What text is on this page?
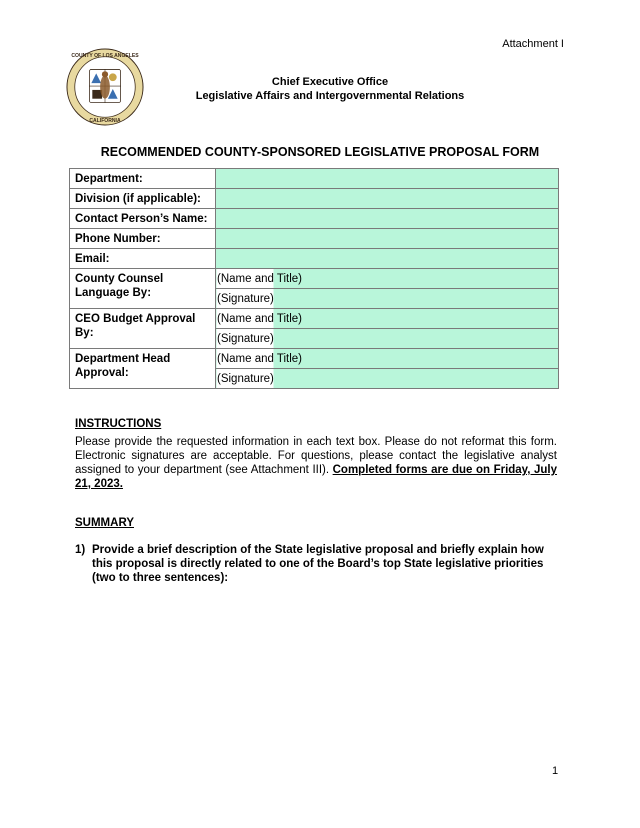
Attachment I
COUNTY OF LOS ANGELES
CALIFORNIA
Chief Executive Office
Legislative Affairs and Intergovernmental Relations
RECOMMENDED COUNTY-SPONSORED LEGISLATIVE PROPOSAL FORM
Department:	
Division (if applicable):	
Contact Person’s Name:	
Phone Number:	
Email:	
County Counsel Language By:	(Name and Title)
	(Signature)
CEO Budget Approval By:	(Name and Title)
	(Signature)
Department Head Approval:	(Name and Title)
	(Signature)
INSTRUCTIONS
Please provide the requested information in each text box. Please do not reformat this form. Electronic signatures are acceptable. For questions, please contact the legislative analyst assigned to your department (see Attachment III). Completed forms are due on Friday, July 21, 2023.
SUMMARY
1) Provide a brief description of the State legislative proposal and briefly explain how this proposal is directly related to one of the Board’s top State legislative priorities (two to three sentences):
1
